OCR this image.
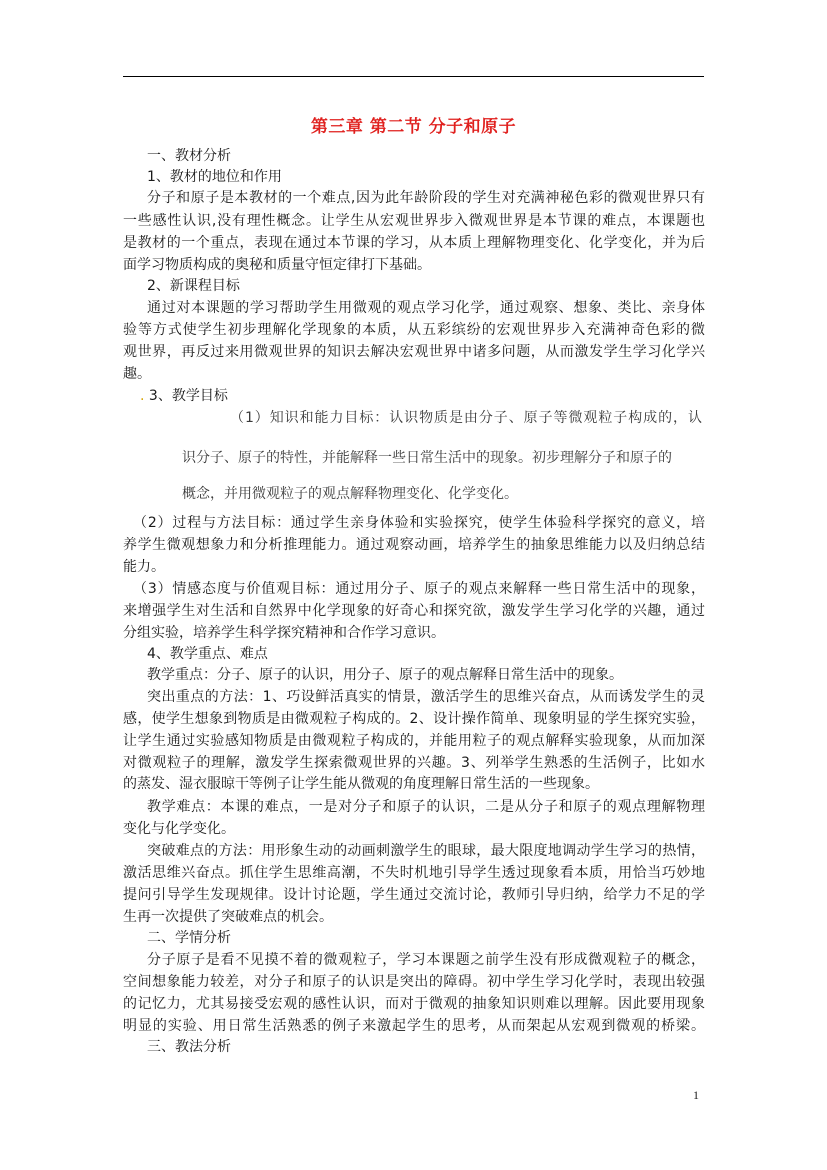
第三章 第二节 分子和原子
一、教材分析
1、教材的地位和作用
分子和原子是本教材的一个难点,因为此年龄阶段的学生对充满神秘色彩的微观世界只有
一些感性认识,没有理性概念。让学生从宏观世界步入微观世界是本节课的难点，本课题也
是教材的一个重点，表现在通过本节课的学习，从本质上理解物理变化、化学变化，并为后
面学习物质构成的奥秘和质量守恒定律打下基础。
2、新课程目标
通过对本课题的学习帮助学生用微观的观点学习化学，通过观察、想象、类比、亲身体
验等方式使学生初步理解化学现象的本质，从五彩缤纷的宏观世界步入充满神奇色彩的微
观世界，再反过来用微观世界的知识去解决宏观世界中诸多问题，从而激发学生学习化学兴
趣。
. 3、教学目标
（1）知识和能力目标：认识物质是由分子、原子等微观粒子构成的，认
识分子、原子的特性，并能解释一些日常生活中的现象。初步理解分子和原子的
概念，并用微观粒子的观点解释物理变化、化学变化。
（2）过程与方法目标：通过学生亲身体验和实验探究，使学生体验科学探究的意义，培
养学生微观想象力和分析推理能力。通过观察动画，培养学生的抽象思维能力以及归纳总结
能力。
（3）情感态度与价值观目标：通过用分子、原子的观点来解释一些日常生活中的现象，
来增强学生对生活和自然界中化学现象的好奇心和探究欲，激发学生学习化学的兴趣，通过
分组实验，培养学生科学探究精神和合作学习意识。
4、教学重点、难点
教学重点：分子、原子的认识，用分子、原子的观点解释日常生活中的现象。
突出重点的方法：1、巧设鲜活真实的情景，激活学生的思维兴奋点，从而诱发学生的灵
感，使学生想象到物质是由微观粒子构成的。2、设计操作简单、现象明显的学生探究实验，
让学生通过实验感知物质是由微观粒子构成的，并能用粒子的观点解释实验现象，从而加深
对微观粒子的理解，激发学生探索微观世界的兴趣。3、列举学生熟悉的生活例子，比如水
的蒸发、湿衣服晾干等例子让学生能从微观的角度理解日常生活的一些现象。
教学难点：本课的难点，一是对分子和原子的认识，二是从分子和原子的观点理解物理
变化与化学变化。
突破难点的方法：用形象生动的动画刺激学生的眼球，最大限度地调动学生学习的热情，
激活思维兴奋点。抓住学生思维高潮，不失时机地引导学生透过现象看本质，用恰当巧妙地
提问引导学生发现规律。设计讨论题，学生通过交流讨论，教师引导归纳，给学力不足的学
生再一次提供了突破难点的机会。
二、学情分析
分子原子是看不见摸不着的微观粒子，学习本课题之前学生没有形成微观粒子的概念，
空间想象能力较差，对分子和原子的认识是突出的障碍。初中学生学习化学时，表现出较强
的记忆力，尤其易接受宏观的感性认识，而对于微观的抽象知识则难以理解。因此要用现象
明显的实验、用日常生活熟悉的例子来激起学生的思考，从而架起从宏观到微观的桥梁。
三、教法分析
1
